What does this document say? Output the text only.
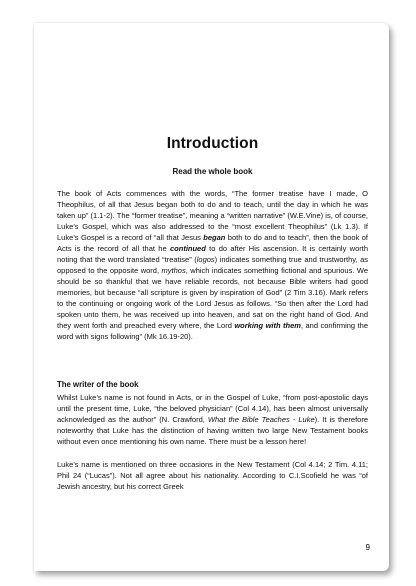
Introduction
Read the whole book

The book of Acts commences with the words, “The former treatise have I made, O Theophilus, of all that Jesus began both to do and to teach, until the day in which he was taken up” (1.1-2). The “former treatise”, meaning a “written narrative” (W.E.Vine) is, of course, Luke’s Gospel, which was also addressed to the “most excellent Theophilus” (Lk 1.3). If Luke’s Gospel is a record of “all that Jesus began both to do and to teach”, then the book of Acts is the record of all that he continued to do after His ascension. It is certainly worth noting that the word translated “treatise” (logos) indicates something true and trustworthy, as opposed to the opposite word, mythos, which indicates something fictional and spurious. We should be so thankful that we have reliable records, not because Bible writers had good memories, but because “all scripture is given by inspiration of God” (2 Tim 3.16). Mark refers to the continuing or ongoing work of the Lord Jesus as follows. “So then after the Lord had spoken unto them, he was received up into heaven, and sat on the right hand of God. And they went forth and preached every where, the Lord working with them, and confirming the word with signs following” (Mk 16.19-20).

The writer of the book

Whilst Luke’s name is not found in Acts, or in the Gospel of Luke, “from post-apostolic days until the present time, Luke, “the beloved physician” (Col 4.14), has been almost universally acknowledged as the author” (N. Crawford, What the Bible Teaches - Luke). It is therefore noteworthy that Luke has the distinction of having written two large New Testament books without even once mentioning his own name. There must be a lesson here!

Luke’s name is mentioned on three occasions in the New Testament (Col 4.14; 2 Tim. 4.11; Phil 24 (“Lucas”). Not all agree about his nationality. According to C.I.Scofield he was “of Jewish ancestry, but his correct Greek

9
